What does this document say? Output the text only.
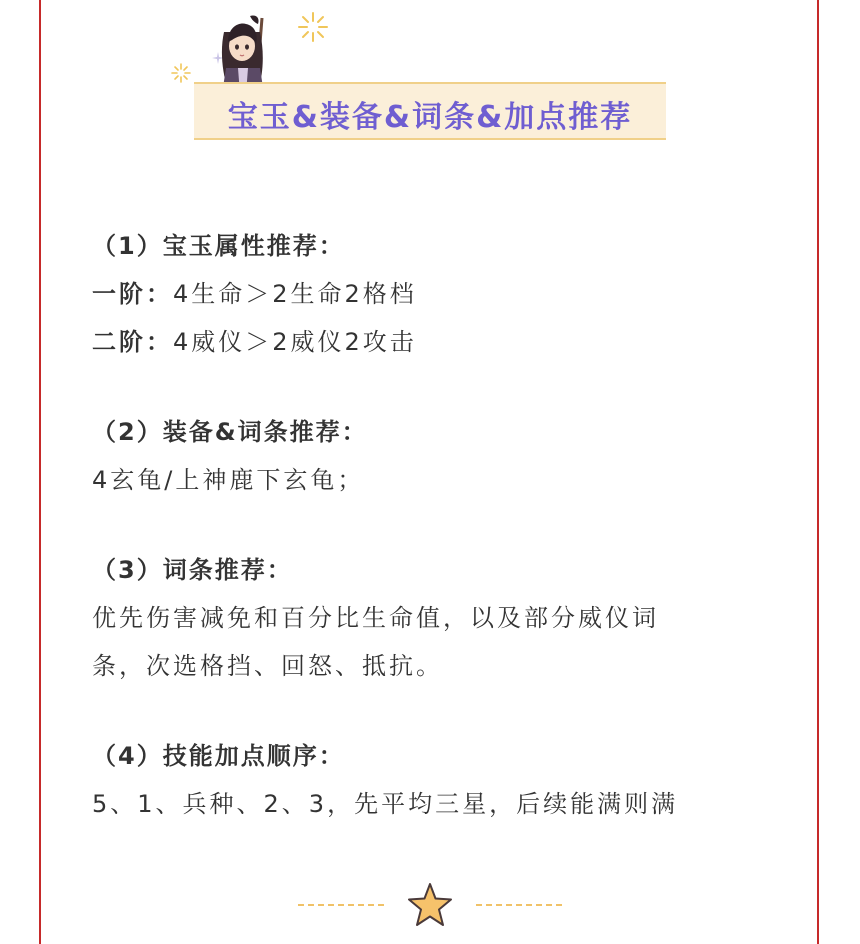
宝玉&装备&词条&加点推荐
（1）宝玉属性推荐：
一阶：4生命＞2生命2格档
二阶：4威仪＞2威仪2攻击
（2）装备&词条推荐：
4玄龟/上神鹿下玄龟；
（3）词条推荐：
优先伤害减免和百分比生命值，以及部分威仪词
条，次选格挡、回怒、抵抗。
（4）技能加点顺序：
5、1、兵种、2、3，先平均三星，后续能满则满
